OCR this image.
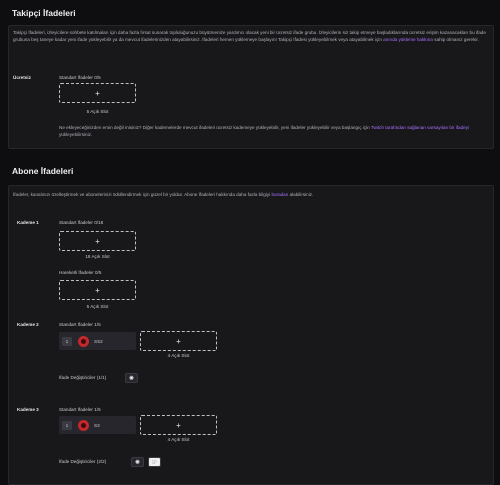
Takipçi İfadeleri
Takipçi İfadeleri, izleyicilere sohbete katılmaları için daha fazla fırsat sunarak topluluğunuzu büyütmenize yardımcı olacak yeni bir ücretsiz ifade grubu. İzleyicilerin siz takip etmeye başladıklarında ücretsiz erişim kazanacakları bu ifade grubuna beş taneye kadar yeni ifade yükleyebilir ya da mevcut ifadelerinizden atayabilirsiniz. İfadeleri hemen yüklemeye başlayın! Takipçi İfadesi yükleyebilmek veya atayabilmek için anında yükleme hakkına sahip olmanız gerekir.
Ücretsiz	Standart İfadeler 0/5
+
5 Açık Slot
Ne ekleyeceğinizden emin değil misiniz? Diğer kademelerde mevcut ifadeleri ücretsiz kademeye yükleyebilir, yeni ifadeler yükleyebilir veya başlangıç için Twitch tarafından sağlanan varsayılan bir ifadeyi yükleyebilirsiniz.
Abone İfadeleri
İfadeler, kanalınızı özelleştirmek ve abonelerinizi ödüllendirmek için güzel bir yoldur. Abone İfadeleri hakkında daha fazla bilgiyi buradan alabilirsiniz.
Kademe 1	Standart İfadeler 0/18
+
18 Açık Slot
Hareketli İfadeler 0/5
+
5 Açık Slot
Kademe 2	Standart İfadeler 1/5
1	SS2	+
4 Açık Slot
İfade Değiştiriciler (1/1)	✺
Kademe 3	Standart İfadeler 1/5
1	S3	+
4 Açık Slot
İfade Değiştiriciler (2/2)	✺	☞
